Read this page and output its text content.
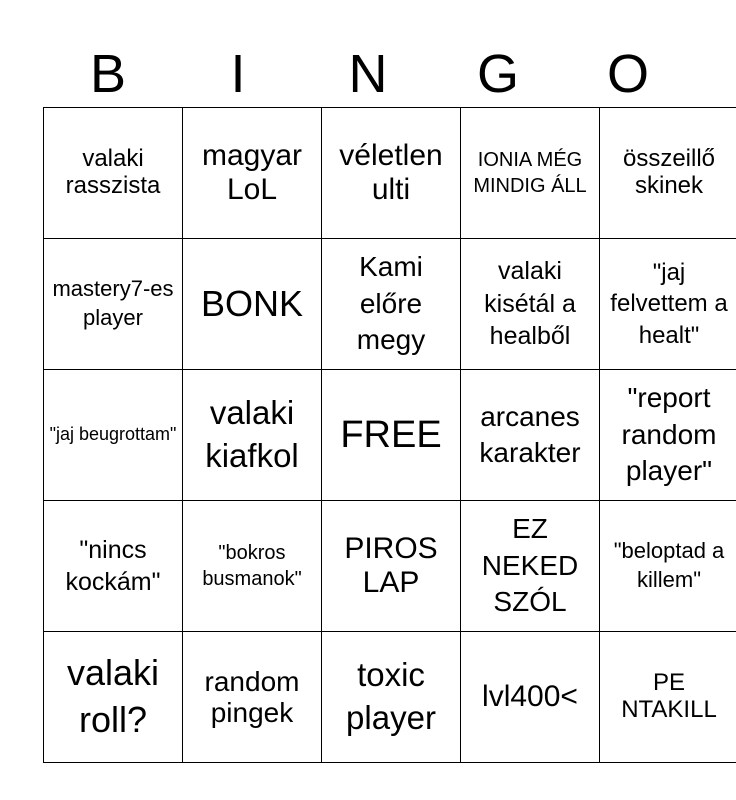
B	I	N	G	O
valaki rasszista	magyar LoL	véletlen ulti	IONIA MÉG MINDIG ÁLL	összeillő skinek
mastery7-es player	BONK	Kami előre megy	valaki kisétál a healből	"jaj felvettem a healt"
"jaj beugrottam"	valaki kiafkol	FREE	arcanes karakter	"report random player"
"nincs kockám"	"bokros busmanok"	PIROS LAP	EZ NEKED SZÓL	"beloptad a killem"
valaki roll?	random pingek	toxic player	lvl400<	PE NTAKILL
